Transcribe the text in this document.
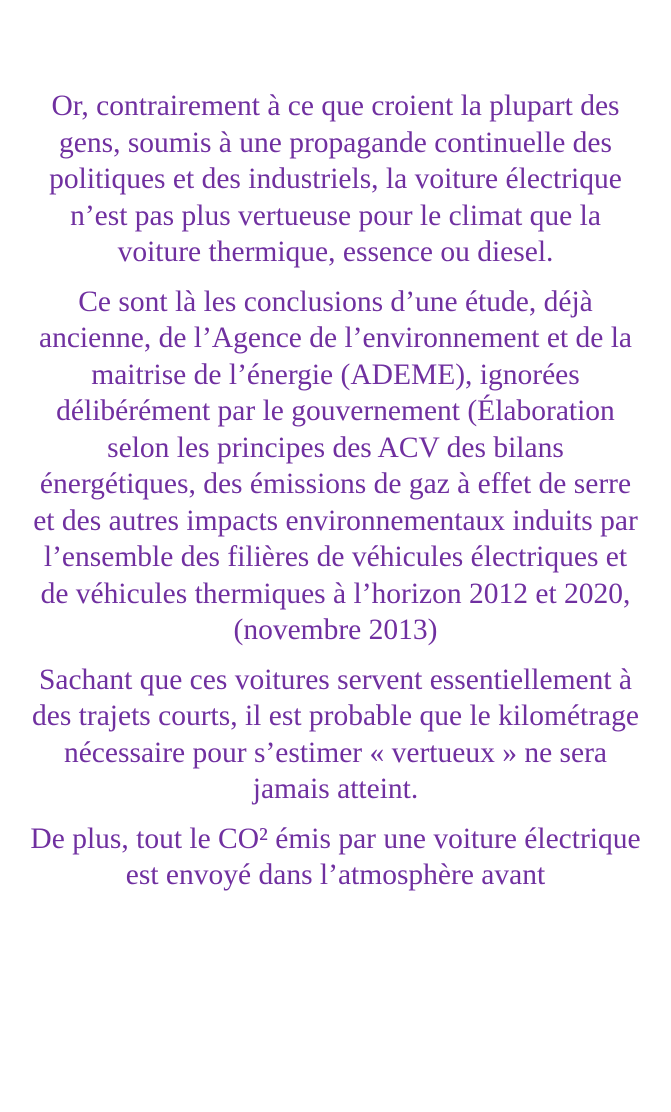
Or, contrairement à ce que croient la plupart des gens, soumis à une propagande continuelle des politiques et des industriels, la voiture électrique n’est pas plus vertueuse pour le climat que la voiture thermique, essence ou diesel.

Ce sont là les conclusions d’une étude, déjà ancienne, de l’Agence de l’environnement et de la maitrise de l’énergie (ADEME), ignorées délibérément par le gouvernement (Élaboration selon les principes des ACV des bilans énergétiques, des émissions de gaz à effet de serre et des autres impacts environnementaux induits par l’ensemble des filières de véhicules électriques et de véhicules thermiques à l’horizon 2012 et 2020, (novembre 2013)

Sachant que ces voitures servent essentiellement à des trajets courts, il est probable que le kilométrage nécessaire pour s’estimer « vertueux » ne sera jamais atteint.

De plus, tout le CO² émis par une voiture électrique est envoyé dans l’atmosphère avant
